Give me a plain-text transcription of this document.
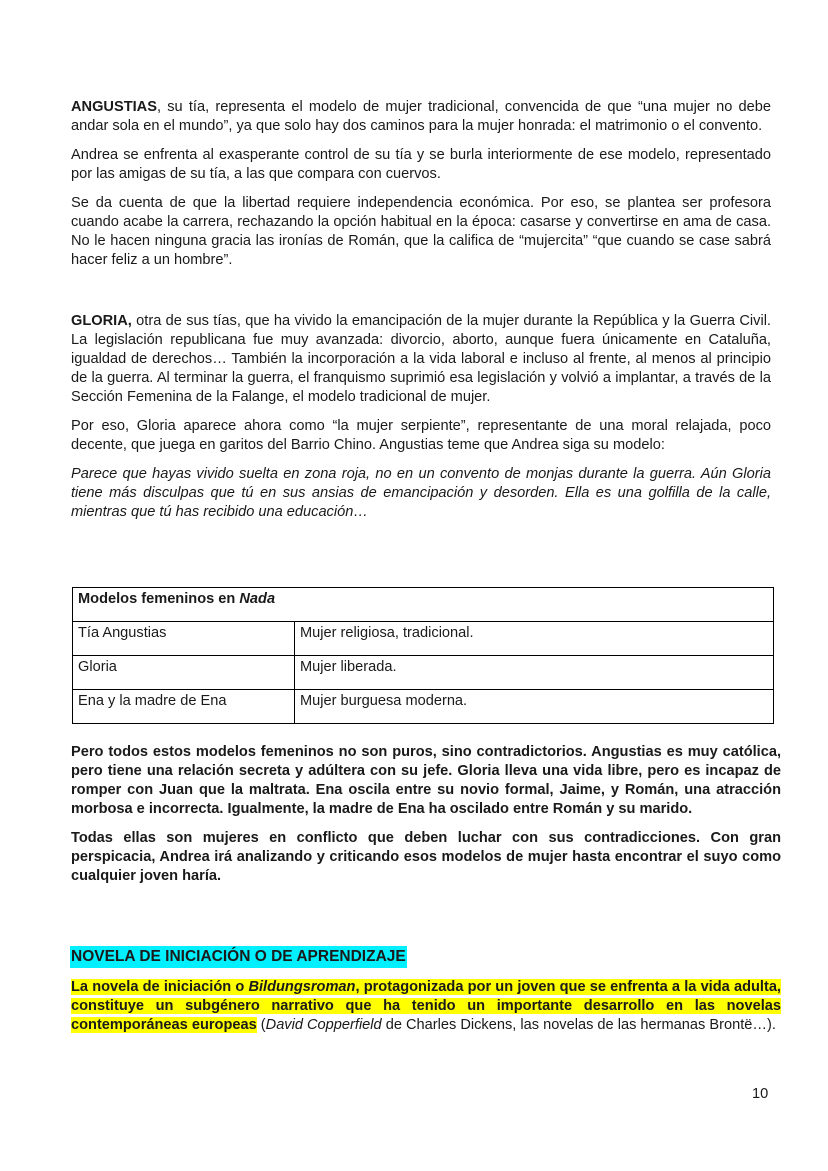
ANGUSTIAS, su tía, representa el modelo de mujer tradicional, convencida de que “una mujer no debe andar sola en el mundo”, ya que solo hay dos caminos para la mujer honrada: el matrimonio o el convento.

Andrea se enfrenta al exasperante control de su tía y se burla interiormente de ese modelo, representado por las amigas de su tía, a las que compara con cuervos.

Se da cuenta de que la libertad requiere independencia económica. Por eso, se plantea ser profesora cuando acabe la carrera, rechazando la opción habitual en la época: casarse y convertirse en ama de casa. No le hacen ninguna gracia las ironías de Román, que la califica de “mujercita” “que cuando se case sabrá hacer feliz a un hombre”.

GLORIA, otra de sus tías, que ha vivido la emancipación de la mujer durante la República y la Guerra Civil. La legislación republicana fue muy avanzada: divorcio, aborto, aunque fuera únicamente en Cataluña, igualdad de derechos… También la incorporación a la vida laboral e incluso al frente, al menos al principio de la guerra. Al terminar la guerra, el franquismo suprimió esa legislación y volvió a implantar, a través de la Sección Femenina de la Falange, el modelo tradicional de mujer.

Por eso, Gloria aparece ahora como “la mujer serpiente”, representante de una moral relajada, poco decente, que juega en garitos del Barrio Chino. Angustias teme que Andrea siga su modelo:

Parece que hayas vivido suelta en zona roja, no en un convento de monjas durante la guerra. Aún Gloria tiene más disculpas que tú en sus ansias de emancipación y desorden. Ella es una golfilla de la calle, mientras que tú has recibido una educación…

Modelos femeninos en Nada	
Tía Angustias	Mujer religiosa, tradicional.
Gloria	Mujer liberada.
Ena y la madre de Ena	Mujer burguesa moderna.

Pero todos estos modelos femeninos no son puros, sino contradictorios. Angustias es muy católica, pero tiene una relación secreta y adúltera con su jefe. Gloria lleva una vida libre, pero es incapaz de romper con Juan que la maltrata. Ena oscila entre su novio formal, Jaime, y Román, una atracción morbosa e incorrecta. Igualmente, la madre de Ena ha oscilado entre Román y su marido.

Todas ellas son mujeres en conflicto que deben luchar con sus contradicciones. Con gran perspicacia, Andrea irá analizando y criticando esos modelos de mujer hasta encontrar el suyo como cualquier joven haría.

NOVELA DE INICIACIÓN O DE APRENDIZAJE

La novela de iniciación o Bildungsroman, protagonizada por un joven que se enfrenta a la vida adulta, constituye un subgénero narrativo que ha tenido un importante desarrollo en las novelas contemporáneas europeas (David Copperfield de Charles Dickens, las novelas de las hermanas Brontë…).

10
